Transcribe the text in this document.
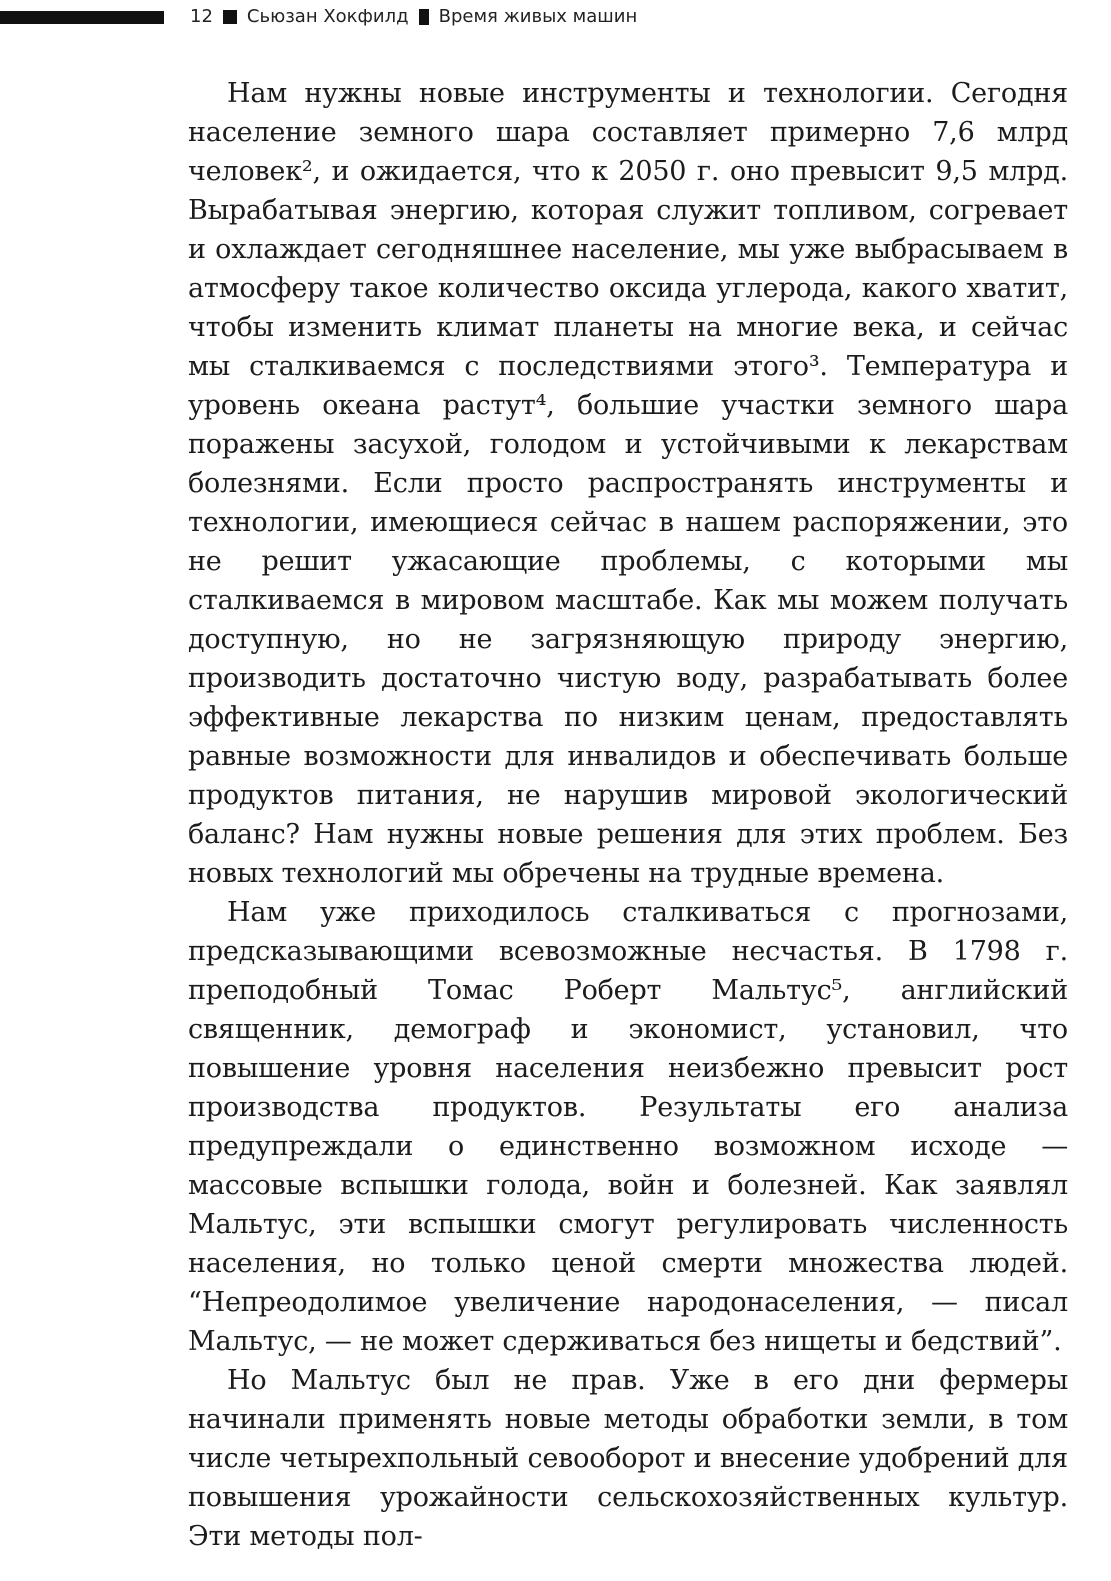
12 Сьюзан Хокфилд Время живых машин

Нам нужны новые инструменты и технологии. Сегодня население земного шара составляет примерно 7,6 млрд человек², и ожидается, что к 2050 г. оно превысит 9,5 млрд. Вырабатывая энергию, которая служит топливом, согревает и охлаждает сегодняшнее население, мы уже выбрасываем в атмосферу такое количество оксида углерода, какого хватит, чтобы изменить климат планеты на многие века, и сейчас мы сталкиваемся с последствиями этого³. Температура и уровень океана растут⁴, большие участки земного шара поражены засухой, голодом и устойчивыми к лекарствам болезнями. Если просто распространять инструменты и технологии, имеющиеся сейчас в нашем распоряжении, это не решит ужасающие проблемы, с которыми мы сталкиваемся в мировом масштабе. Как мы можем получать доступную, но не загрязняющую природу энергию, производить достаточно чистую воду, разрабатывать более эффективные лекарства по низким ценам, предоставлять равные возможности для инвалидов и обеспечивать больше продуктов питания, не нарушив мировой экологический баланс? Нам нужны новые решения для этих проблем. Без новых технологий мы обречены на трудные времена.

Нам уже приходилось сталкиваться с прогнозами, предсказывающими всевозможные несчастья. В 1798 г. преподобный Томас Роберт Мальтус⁵, английский священник, демограф и экономист, установил, что повышение уровня населения неизбежно превысит рост производства продуктов. Результаты его анализа предупреждали о единственно возможном исходе — массовые вспышки голода, войн и болезней. Как заявлял Мальтус, эти вспышки смогут регулировать численность населения, но только ценой смерти множества людей. “Непреодолимое увеличение народонаселения, — писал Мальтус, — не может сдерживаться без нищеты и бедствий”.

Но Мальтус был не прав. Уже в его дни фермеры начинали применять новые методы обработки земли, в том числе четырехпольный севооборот и внесение удобрений для повышения урожайности сельскохозяйственных культур. Эти методы пол-
